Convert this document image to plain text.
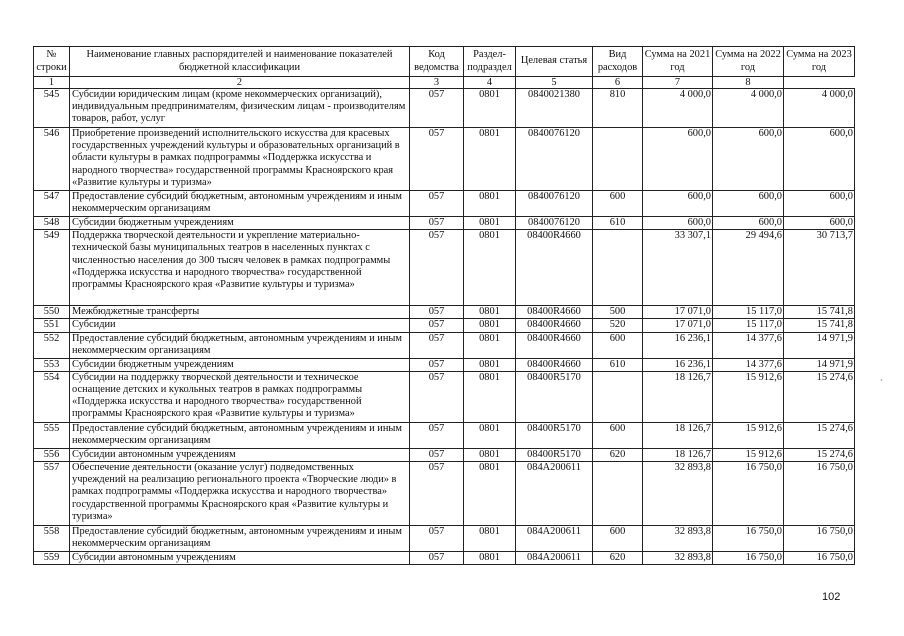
№ строки	Наименование главных распорядителей и наименование показателей бюджетной классификации	Код ведомства	Раздел-подраздел	Целевая статья	Вид расходов	Сумма на 2021 год	Сумма на 2022 год	Сумма на 2023 год
1	2	3	4	5	6	7	8	
545	Субсидии юридическим лицам (кроме некоммерческих организаций), индивидуальным предпринимателям, физическим лицам - производителям товаров, работ, услуг	057	0801	0840021380	810	4 000,0	4 000,0	4 000,0
546	Приобретение произведений исполнительского искусства для красевых государственных учреждений культуры и образовательных организаций в области культуры в рамках подпрограммы «Поддержка искусства и народного творчества» государственной программы Красноярского края «Развитие культуры и туризма»	057	0801	0840076120		600,0	600,0	600,0
547	Предоставление субсидий бюджетным, автономным учреждениям и иным некоммерческим организациям	057	0801	0840076120	600	600,0	600,0	600,0
548	Субсидии бюджетным учреждениям	057	0801	0840076120	610	600,0	600,0	600,0
549	Поддержка творческой деятельности и укрепление материально-технической базы муниципальных театров в населенных пунктах с численностью населения до 300 тысяч человек в рамках подпрограммы «Поддержка искусства и народного творчества» государственной программы Красноярского края «Развитие культуры и туризма»	057	0801	08400R4660		33 307,1	29 494,6	30 713,7
550	Межбюджетные трансферты	057	0801	08400R4660	500	17 071,0	15 117,0	15 741,8
551	Субсидии	057	0801	08400R4660	520	17 071,0	15 117,0	15 741,8
552	Предоставление субсидий бюджетным, автономным учреждениям и иным некоммерческим организациям	057	0801	08400R4660	600	16 236,1	14 377,6	14 971,9
553	Субсидии бюджетным учреждениям	057	0801	08400R4660	610	16 236,1	14 377,6	14 971,9
554	Субсидии на поддержку творческой деятельности и техническое оснащение детских и кукольных театров в рамках подпрограммы «Поддержка искусства и народного творчества» государственной программы Красноярского края «Развитие культуры и туризма»	057	0801	08400R5170		18 126,7	15 912,6	15 274,6
555	Предоставление субсидий бюджетным, автономным учреждениям и иным некоммерческим организациям	057	0801	08400R5170	600	18 126,7	15 912,6	15 274,6
556	Субсидии автономным учреждениям	057	0801	08400R5170	620	18 126,7	15 912,6	15 274,6
557	Обеспечение деятельности (оказание услуг) подведомственных учреждений на реализацию регионального проекта «Творческие люди» в рамках подпрограммы «Поддержка искусства и народного творчества» государственной программы Красноярского края «Развитие культуры и туризма»	057	0801	084A200611		32 893,8	16 750,0	16 750,0
558	Предоставление субсидий бюджетным, автономным учреждениям и иным некоммерческим организациям	057	0801	084A200611	600	32 893,8	16 750,0	16 750,0
559	Субсидии автономным учреждениям	057	0801	084A200611	620	32 893,8	16 750,0	16 750,0
102
`
